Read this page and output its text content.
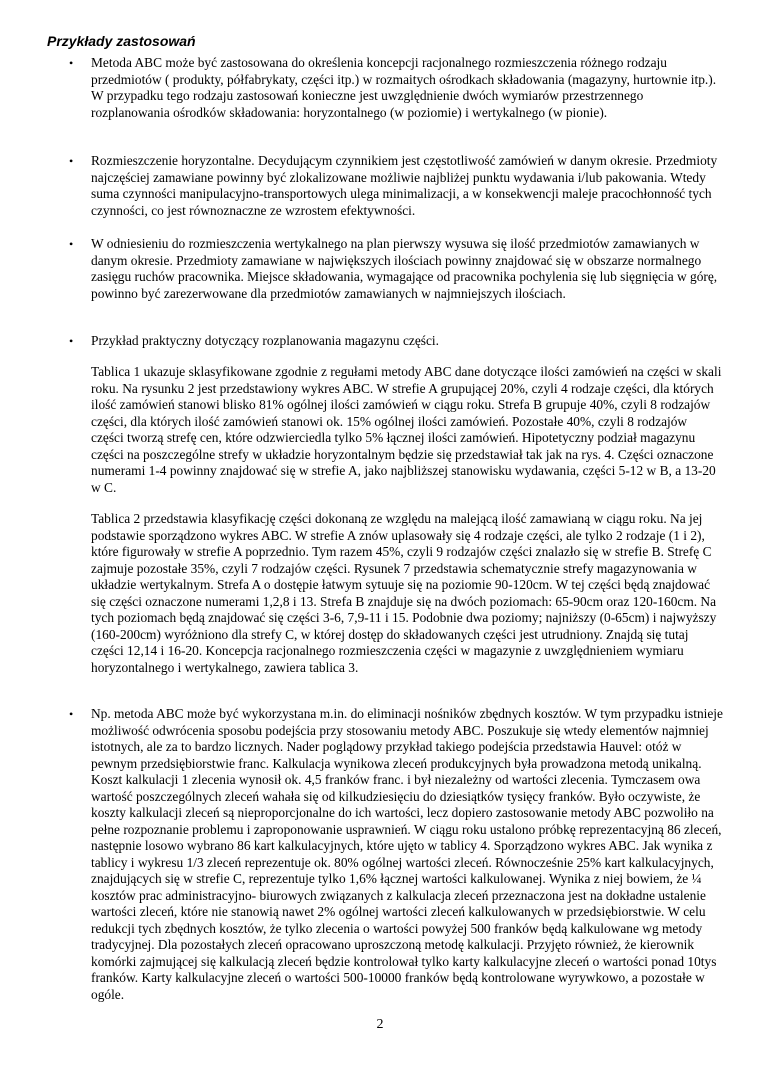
Przykłady zastosowań
• Metoda ABC może być zastosowana do określenia koncepcji racjonalnego rozmieszczenia różnego rodzaju przedmiotów ( produkty, półfabrykaty, części itp.) w rozmaitych ośrodkach składowania (magazyny, hurtownie itp.). W przypadku tego rodzaju zastosowań konieczne jest uwzględnienie dwóch wymiarów przestrzennego rozplanowania ośrodków składowania: horyzontalnego (w poziomie) i wertykalnego (w pionie).
• Rozmieszczenie horyzontalne. Decydującym czynnikiem jest częstotliwość zamówień w danym okresie. Przedmioty najczęściej zamawiane powinny być zlokalizowane możliwie najbliżej punktu wydawania i/lub pakowania. Wtedy suma czynności manipulacyjno-transportowych ulega minimalizacji, a w konsekwencji maleje pracochłonność tych czynności, co jest równoznaczne ze wzrostem efektywności.
• W odniesieniu do rozmieszczenia wertykalnego na plan pierwszy wysuwa się ilość przedmiotów zamawianych w danym okresie. Przedmioty zamawiane w największych ilościach powinny znajdować się w obszarze normalnego zasięgu ruchów pracownika. Miejsce składowania, wymagające od pracownika pochylenia się lub sięgnięcia w górę, powinno być zarezerwowane dla przedmiotów zamawianych w najmniejszych ilościach.
• Przykład praktyczny dotyczący rozplanowania magazynu części.
Tablica 1 ukazuje sklasyfikowane zgodnie z regułami metody ABC dane dotyczące ilości zamówień na części w skali roku. Na rysunku 2 jest przedstawiony wykres ABC. W strefie A grupującej 20%, czyli 4 rodzaje części, dla których ilość zamówień stanowi blisko 81% ogólnej ilości zamówień w ciągu roku. Strefa B grupuje 40%, czyli 8 rodzajów części, dla których ilość zamówień stanowi ok. 15% ogólnej ilości zamówień. Pozostałe 40%, czyli 8 rodzajów części tworzą strefę cen, które odzwierciedla tylko 5% łącznej ilości zamówień. Hipotetyczny podział magazynu części na poszczególne strefy w układzie horyzontalnym będzie się przedstawiał tak jak na rys. 4. Części oznaczone numerami 1-4 powinny znajdować się w strefie A, jako najbliższej stanowisku wydawania, części 5-12 w B, a 13-20 w C.
Tablica 2 przedstawia klasyfikację części dokonaną ze względu na malejącą ilość zamawianą w ciągu roku. Na jej podstawie sporządzono wykres ABC. W strefie A znów uplasowały się 4 rodzaje części, ale tylko 2 rodzaje (1 i 2), które figurowały w strefie A poprzednio. Tym razem 45%, czyli 9 rodzajów części znalazło się w strefie B. Strefę C zajmuje pozostałe 35%, czyli 7 rodzajów części. Rysunek 7 przedstawia schematycznie strefy magazynowania w układzie wertykalnym. Strefa A o dostępie łatwym sytuuje się na poziomie 90-120cm. W tej części będą znajdować się części oznaczone numerami 1,2,8 i 13. Strefa B znajduje się na dwóch poziomach: 65-90cm oraz 120-160cm. Na tych poziomach będą znajdować się części 3-6, 7,9-11 i 15. Podobnie dwa poziomy; najniższy (0-65cm) i najwyższy (160-200cm) wyróżniono dla strefy C, w której dostęp do składowanych części jest utrudniony. Znajdą się tutaj części 12,14 i 16-20. Koncepcja racjonalnego rozmieszczenia części w magazynie z uwzględnieniem wymiaru horyzontalnego i wertykalnego, zawiera tablica 3.
• Np. metoda ABC może być wykorzystana m.in. do eliminacji nośników zbędnych kosztów. W tym przypadku istnieje możliwość odwrócenia sposobu podejścia przy stosowaniu metody ABC. Poszukuje się wtedy elementów najmniej istotnych, ale za to bardzo licznych. Nader poglądowy przykład takiego podejścia przedstawia Hauvel: otóż w pewnym przedsiębiorstwie franc. Kalkulacja wynikowa zleceń produkcyjnych była prowadzona metodą unikalną. Koszt kalkulacji 1 zlecenia wynosił ok. 4,5 franków franc. i był niezależny od wartości zlecenia. Tymczasem owa wartość poszczególnych zleceń wahała się od kilkudziesięciu do dziesiątków tysięcy franków. Było oczywiste, że koszty kalkulacji zleceń są nieproporcjonalne do ich wartości, lecz dopiero zastosowanie metody ABC pozwoliło na pełne rozpoznanie problemu i zaproponowanie usprawnień. W ciągu roku ustalono próbkę reprezentacyjną 86 zleceń, następnie losowo wybrano 86 kart kalkulacyjnych, które ujęto w tablicy 4. Sporządzono wykres ABC. Jak wynika z tablicy i wykresu 1/3 zleceń reprezentuje ok. 80% ogólnej wartości zleceń. Równocześnie 25% kart kalkulacyjnych, znajdujących się w strefie C, reprezentuje tylko 1,6% łącznej wartości kalkulowanej. Wynika z niej bowiem, że ¼ kosztów prac administracyjno- biurowych związanych z kalkulacja zleceń przeznaczona jest na dokładne ustalenie wartości zleceń, które nie stanowią nawet 2% ogólnej wartości zleceń kalkulowanych w przedsiębiorstwie. W celu redukcji tych zbędnych kosztów, że tylko zlecenia o wartości powyżej 500 franków będą kalkulowane wg metody tradycyjnej. Dla pozostałych zleceń opracowano uproszczoną metodę kalkulacji. Przyjęto również, że kierownik komórki zajmującej się kalkulacją zleceń będzie kontrolował tylko karty kalkulacyjne zleceń o wartości ponad 10tys franków. Karty kalkulacyjne zleceń o wartości 500-10000 franków będą kontrolowane wyrywkowo, a pozostałe w ogóle.
2
